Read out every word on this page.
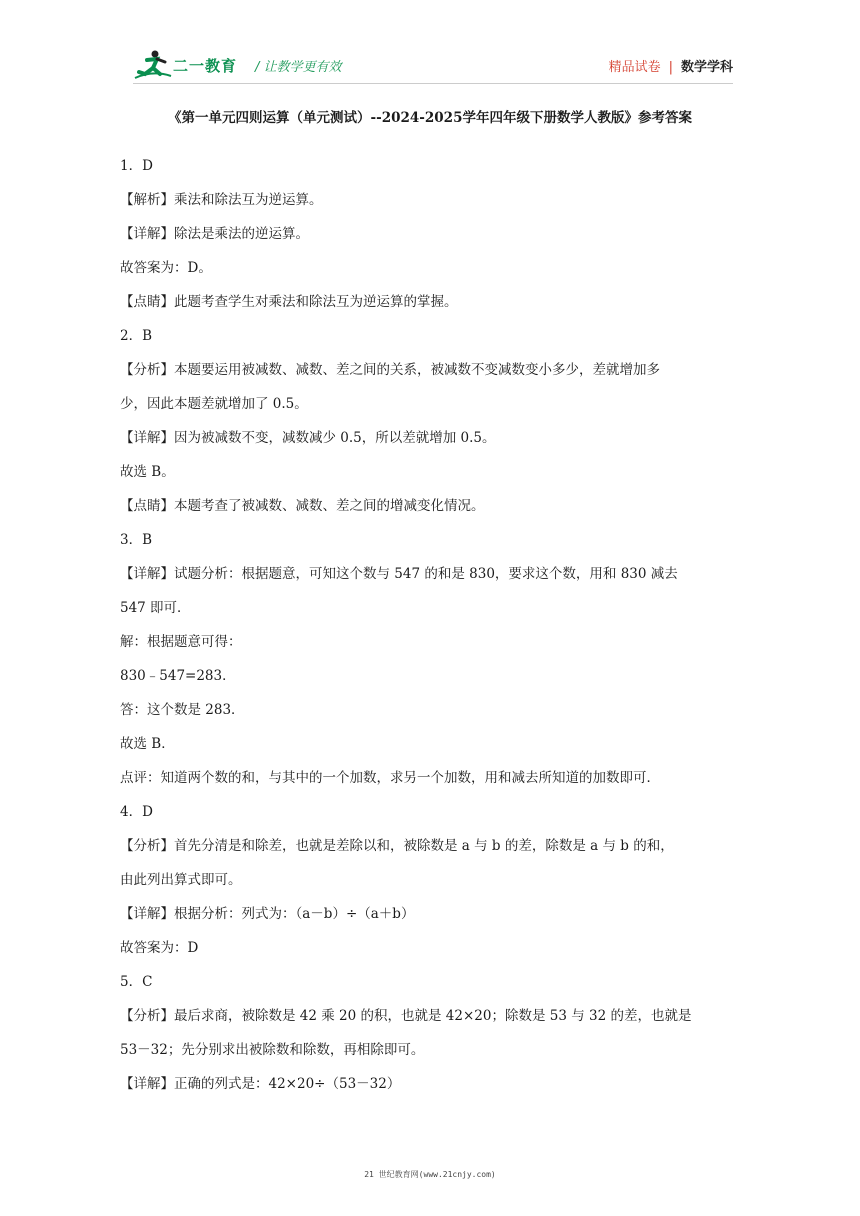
二一教育 / 让教学更有效	精品试卷 | 数学学科
《第一单元四则运算（单元测试）--2024-2025学年四年级下册数学人教版》参考答案
1．D
【解析】乘法和除法互为逆运算。
【详解】除法是乘法的逆运算。
故答案为：D。
【点睛】此题考查学生对乘法和除法互为逆运算的掌握。
2．B
【分析】本题要运用被减数、减数、差之间的关系，被减数不变减数变小多少，差就增加多
少，因此本题差就增加了 0.5。
【详解】因为被减数不变，减数减少 0.5，所以差就增加 0.5。
故选 B。
【点睛】本题考查了被减数、减数、差之间的增减变化情况。
3．B
【详解】试题分析：根据题意，可知这个数与 547 的和是 830，要求这个数，用和 830 减去
547 即可．
解：根据题意可得：
830﹣547=283．
答：这个数是 283．
故选 B．
点评：知道两个数的和，与其中的一个加数，求另一个加数，用和减去所知道的加数即可．
4．D
【分析】首先分清是和除差，也就是差除以和，被除数是 a 与 b 的差，除数是 a 与 b 的和，
由此列出算式即可。
【详解】根据分析：列式为：（a－b）÷（a＋b）
故答案为：D
5．C
【分析】最后求商，被除数是 42 乘 20 的积，也就是 42×20；除数是 53 与 32 的差，也就是
53－32；先分别求出被除数和除数，再相除即可。
【详解】正确的列式是：42×20÷（53－32）
21 世纪教育网(www.21cnjy.com)
